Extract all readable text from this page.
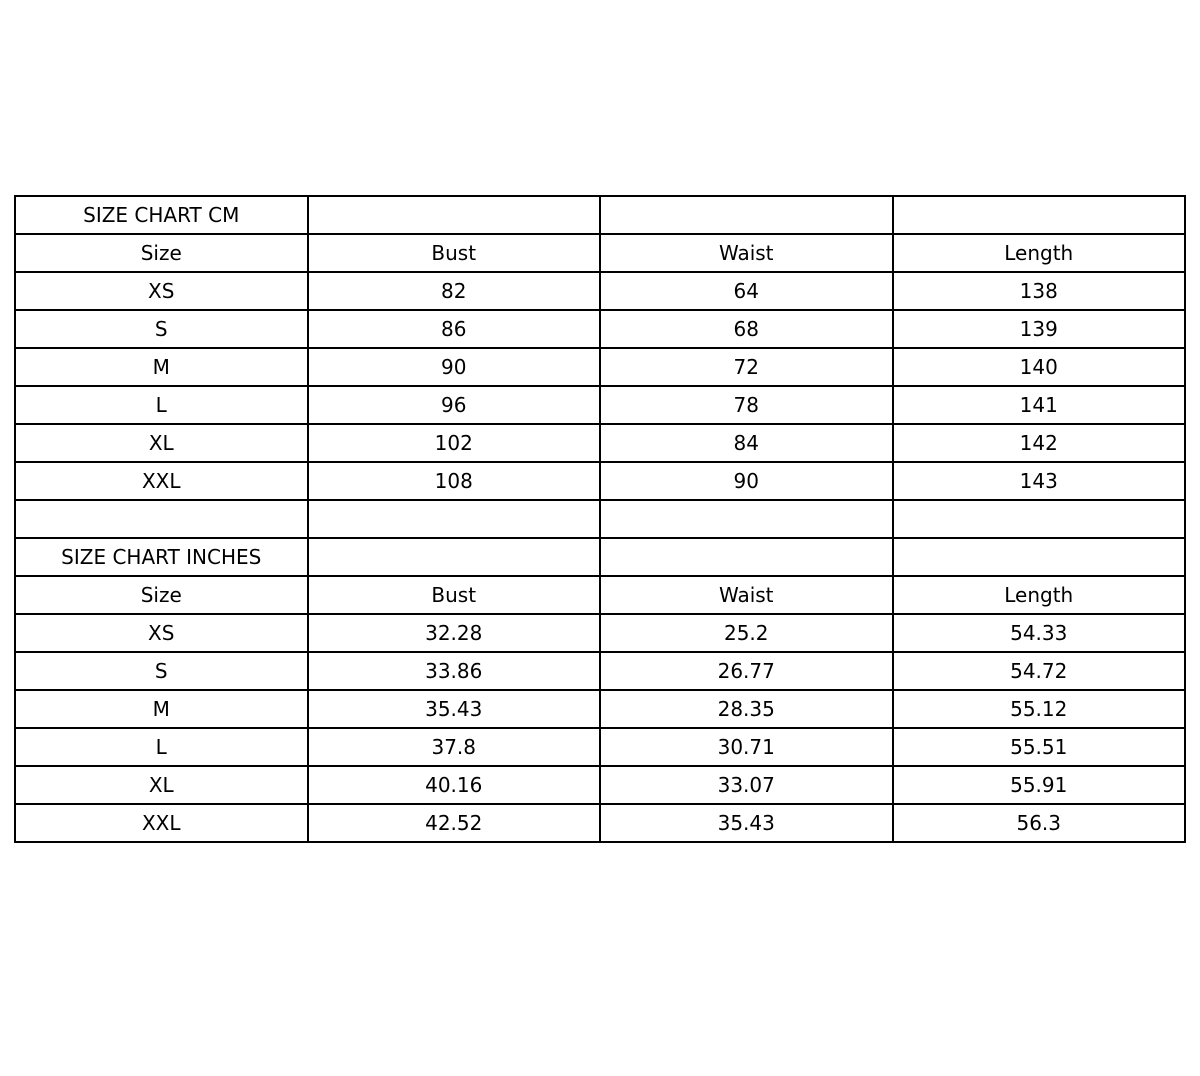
SIZE CHART CM			
Size	Bust	Waist	Length
XS	82	64	138
S	86	68	139
M	90	72	140
L	96	78	141
XL	102	84	142
XXL	108	90	143

SIZE CHART INCHES			
Size	Bust	Waist	Length
XS	32.28	25.2	54.33
S	33.86	26.77	54.72
M	35.43	28.35	55.12
L	37.8	30.71	55.51
XL	40.16	33.07	55.91
XXL	42.52	35.43	56.3
